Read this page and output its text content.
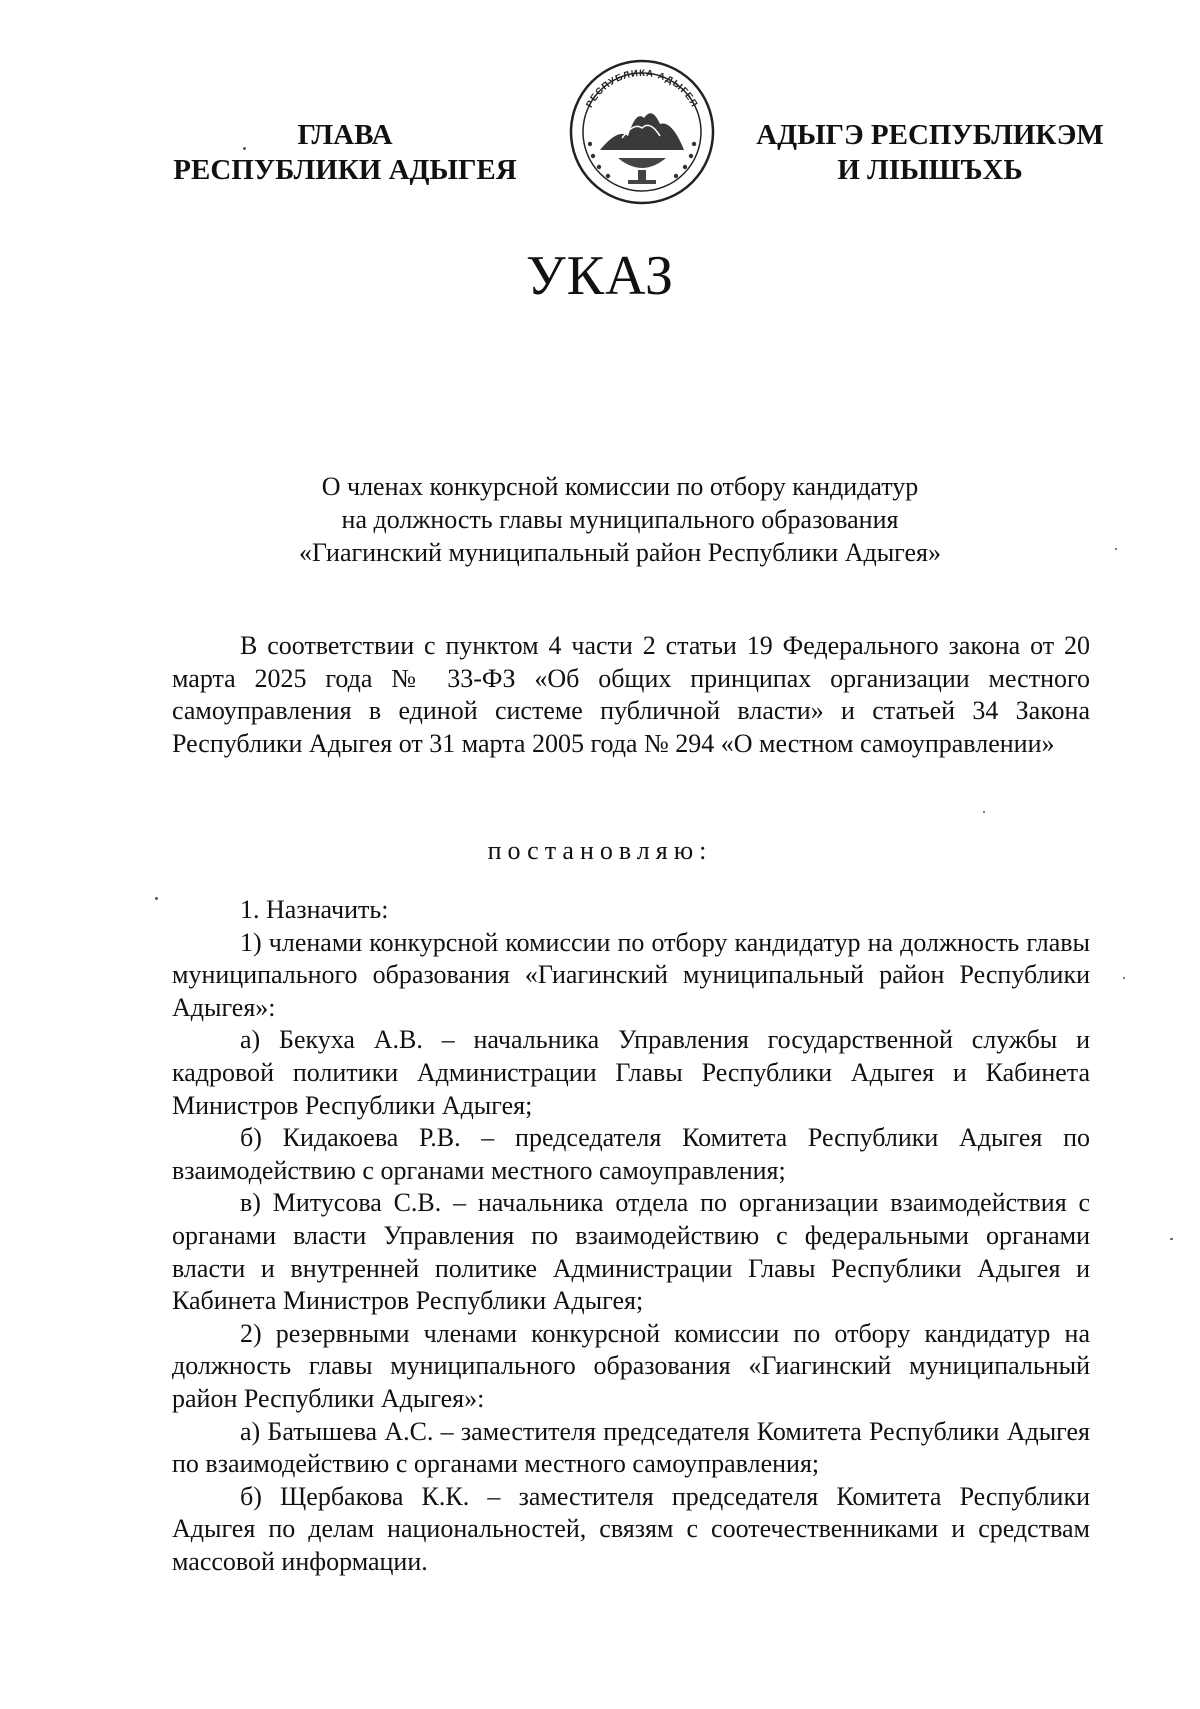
ГЛАВА
РЕСПУБЛИКИ АДЫГЕЯ
РЕСПУБЛИКА АДЫГЕЯ
АДЫГЭ РЕСПУБЛИКЭМ
И ЛІЫШЪХЬ
УКАЗ
О членах конкурсной комиссии по отбору кандидатур
на должность главы муниципального образования
«Гиагинский муниципальный район Республики Адыгея»

В соответствии с пунктом 4 части 2 статьи 19 Федерального закона от 20 марта 2025 года № 33-ФЗ «Об общих принципах организации местного самоуправления в единой системе публичной власти» и статьей 34 Закона Республики Адыгея от 31 марта 2005 года № 294 «О местном самоуправлении»

постановляю:

1. Назначить:

1) членами конкурсной комиссии по отбору кандидатур на должность главы муниципального образования «Гиагинский муниципальный район Республики Адыгея»:

а) Бекуха А.В. – начальника Управления государственной службы и кадровой политики Администрации Главы Республики Адыгея и Кабинета Министров Республики Адыгея;

б) Кидакоева Р.В. – председателя Комитета Республики Адыгея по взаимодействию с органами местного самоуправления;

в) Митусова С.В. – начальника отдела по организации взаимодействия с органами власти Управления по взаимодействию с федеральными органами власти и внутренней политике Администрации Главы Республики Адыгея и Кабинета Министров Республики Адыгея;

2) резервными членами конкурсной комиссии по отбору кандидатур на должность главы муниципального образования «Гиагинский муниципальный район Республики Адыгея»:

а) Батышева А.С. – заместителя председателя Комитета Республики Адыгея по взаимодействию с органами местного самоуправления;

б) Щербакова К.К. – заместителя председателя Комитета Республики Адыгея по делам национальностей, связям с соотечественниками и средствам массовой информации.
